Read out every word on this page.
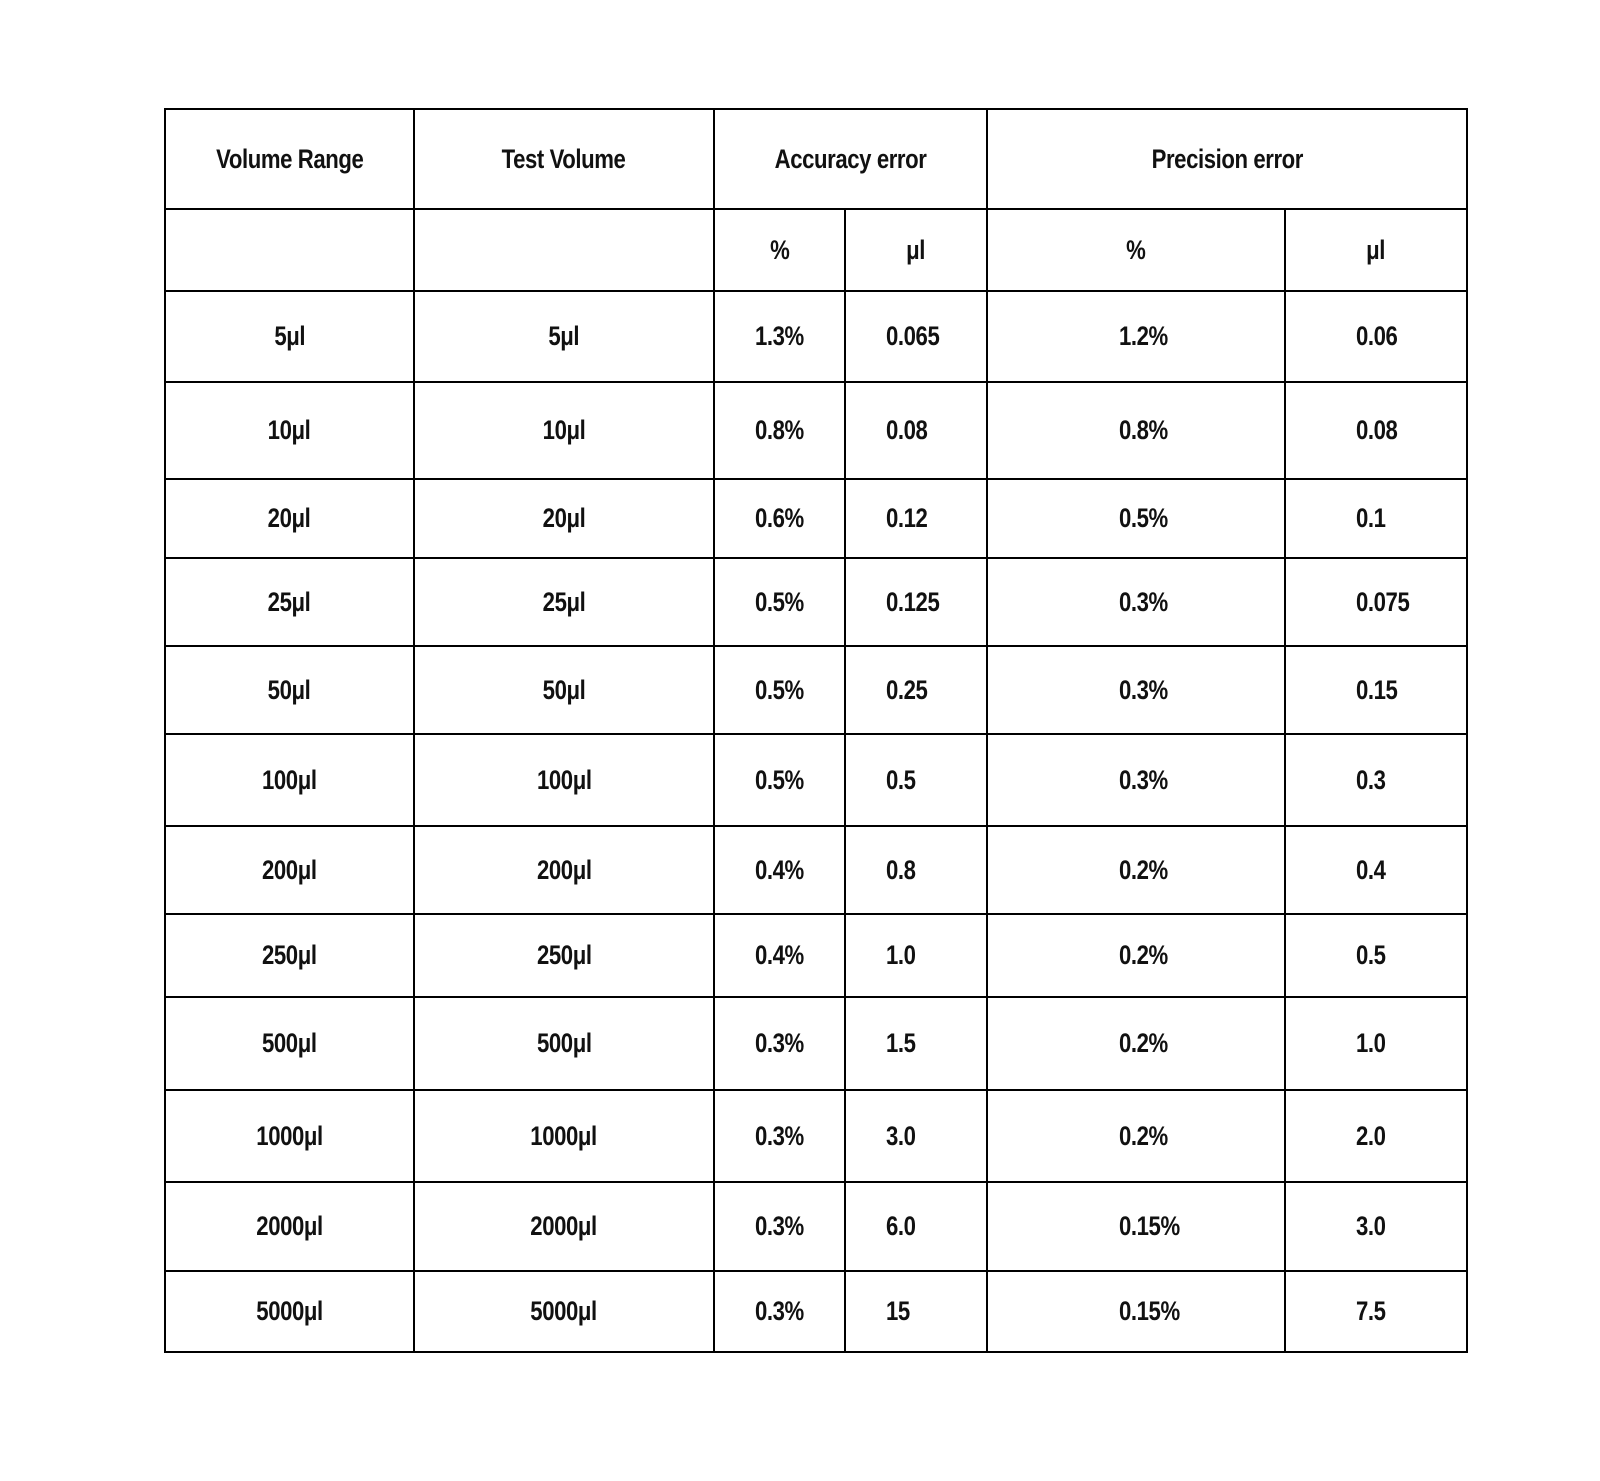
Volume Range	Test Volume	Accuracy error		Precision error	
		%	μl	%	μl
5μl	5μl	1.3%	0.065	1.2%	0.06
10μl	10μl	0.8%	0.08	0.8%	0.08
20μl	20μl	0.6%	0.12	0.5%	0.1
25μl	25μl	0.5%	0.125	0.3%	0.075
50μl	50μl	0.5%	0.25	0.3%	0.15
100μl	100μl	0.5%	0.5	0.3%	0.3
200μl	200μl	0.4%	0.8	0.2%	0.4
250μl	250μl	0.4%	1.0	0.2%	0.5
500μl	500μl	0.3%	1.5	0.2%	1.0
1000μl	1000μl	0.3%	3.0	0.2%	2.0
2000μl	2000μl	0.3%	6.0	0.15%	3.0
5000μl	5000μl	0.3%	15	0.15%	7.5
